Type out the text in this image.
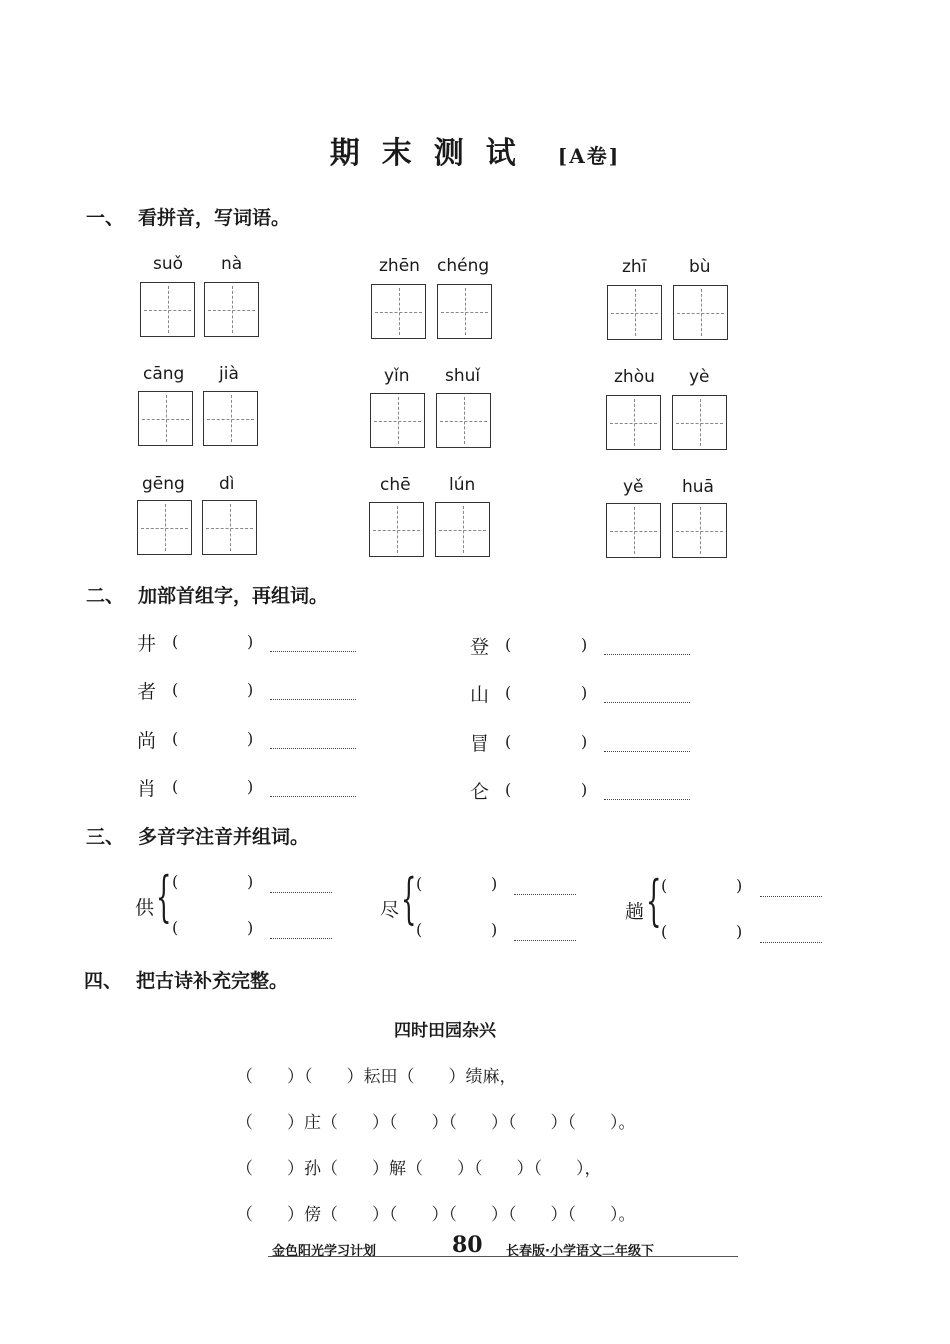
期末测试 [A卷]
一、 看拼音，写词语。
suǒ nà	zhēn chéng	zhī	bù
cāng jià	yǐn shuǐ	zhòu yè
gēng dì	chē lún	yě huā
二、 加部首组字，再组词。
井 (	)
者 (	)
尚 (	)
肖 (	)
登 (	)
山 (	)
冒 (	)
仑 (	)
三、 多音字注音并组词。
供 { (	)
(	)
尽 { (	)
(	)
趟 { (	)
(	)
四、 把古诗补充完整。
四时田园杂兴
（　　）（　　）耘田（　　）绩麻，
（　　）庄（　　）（　　）（　　）（　　）（　　）。
（　　）孙（　　）解（　　）（　　）（　　），
（　　）傍（　　）（　　）（　　）（　　）（　　）。
金色阳光学习计划	80 长春版·小学语文二年级下
